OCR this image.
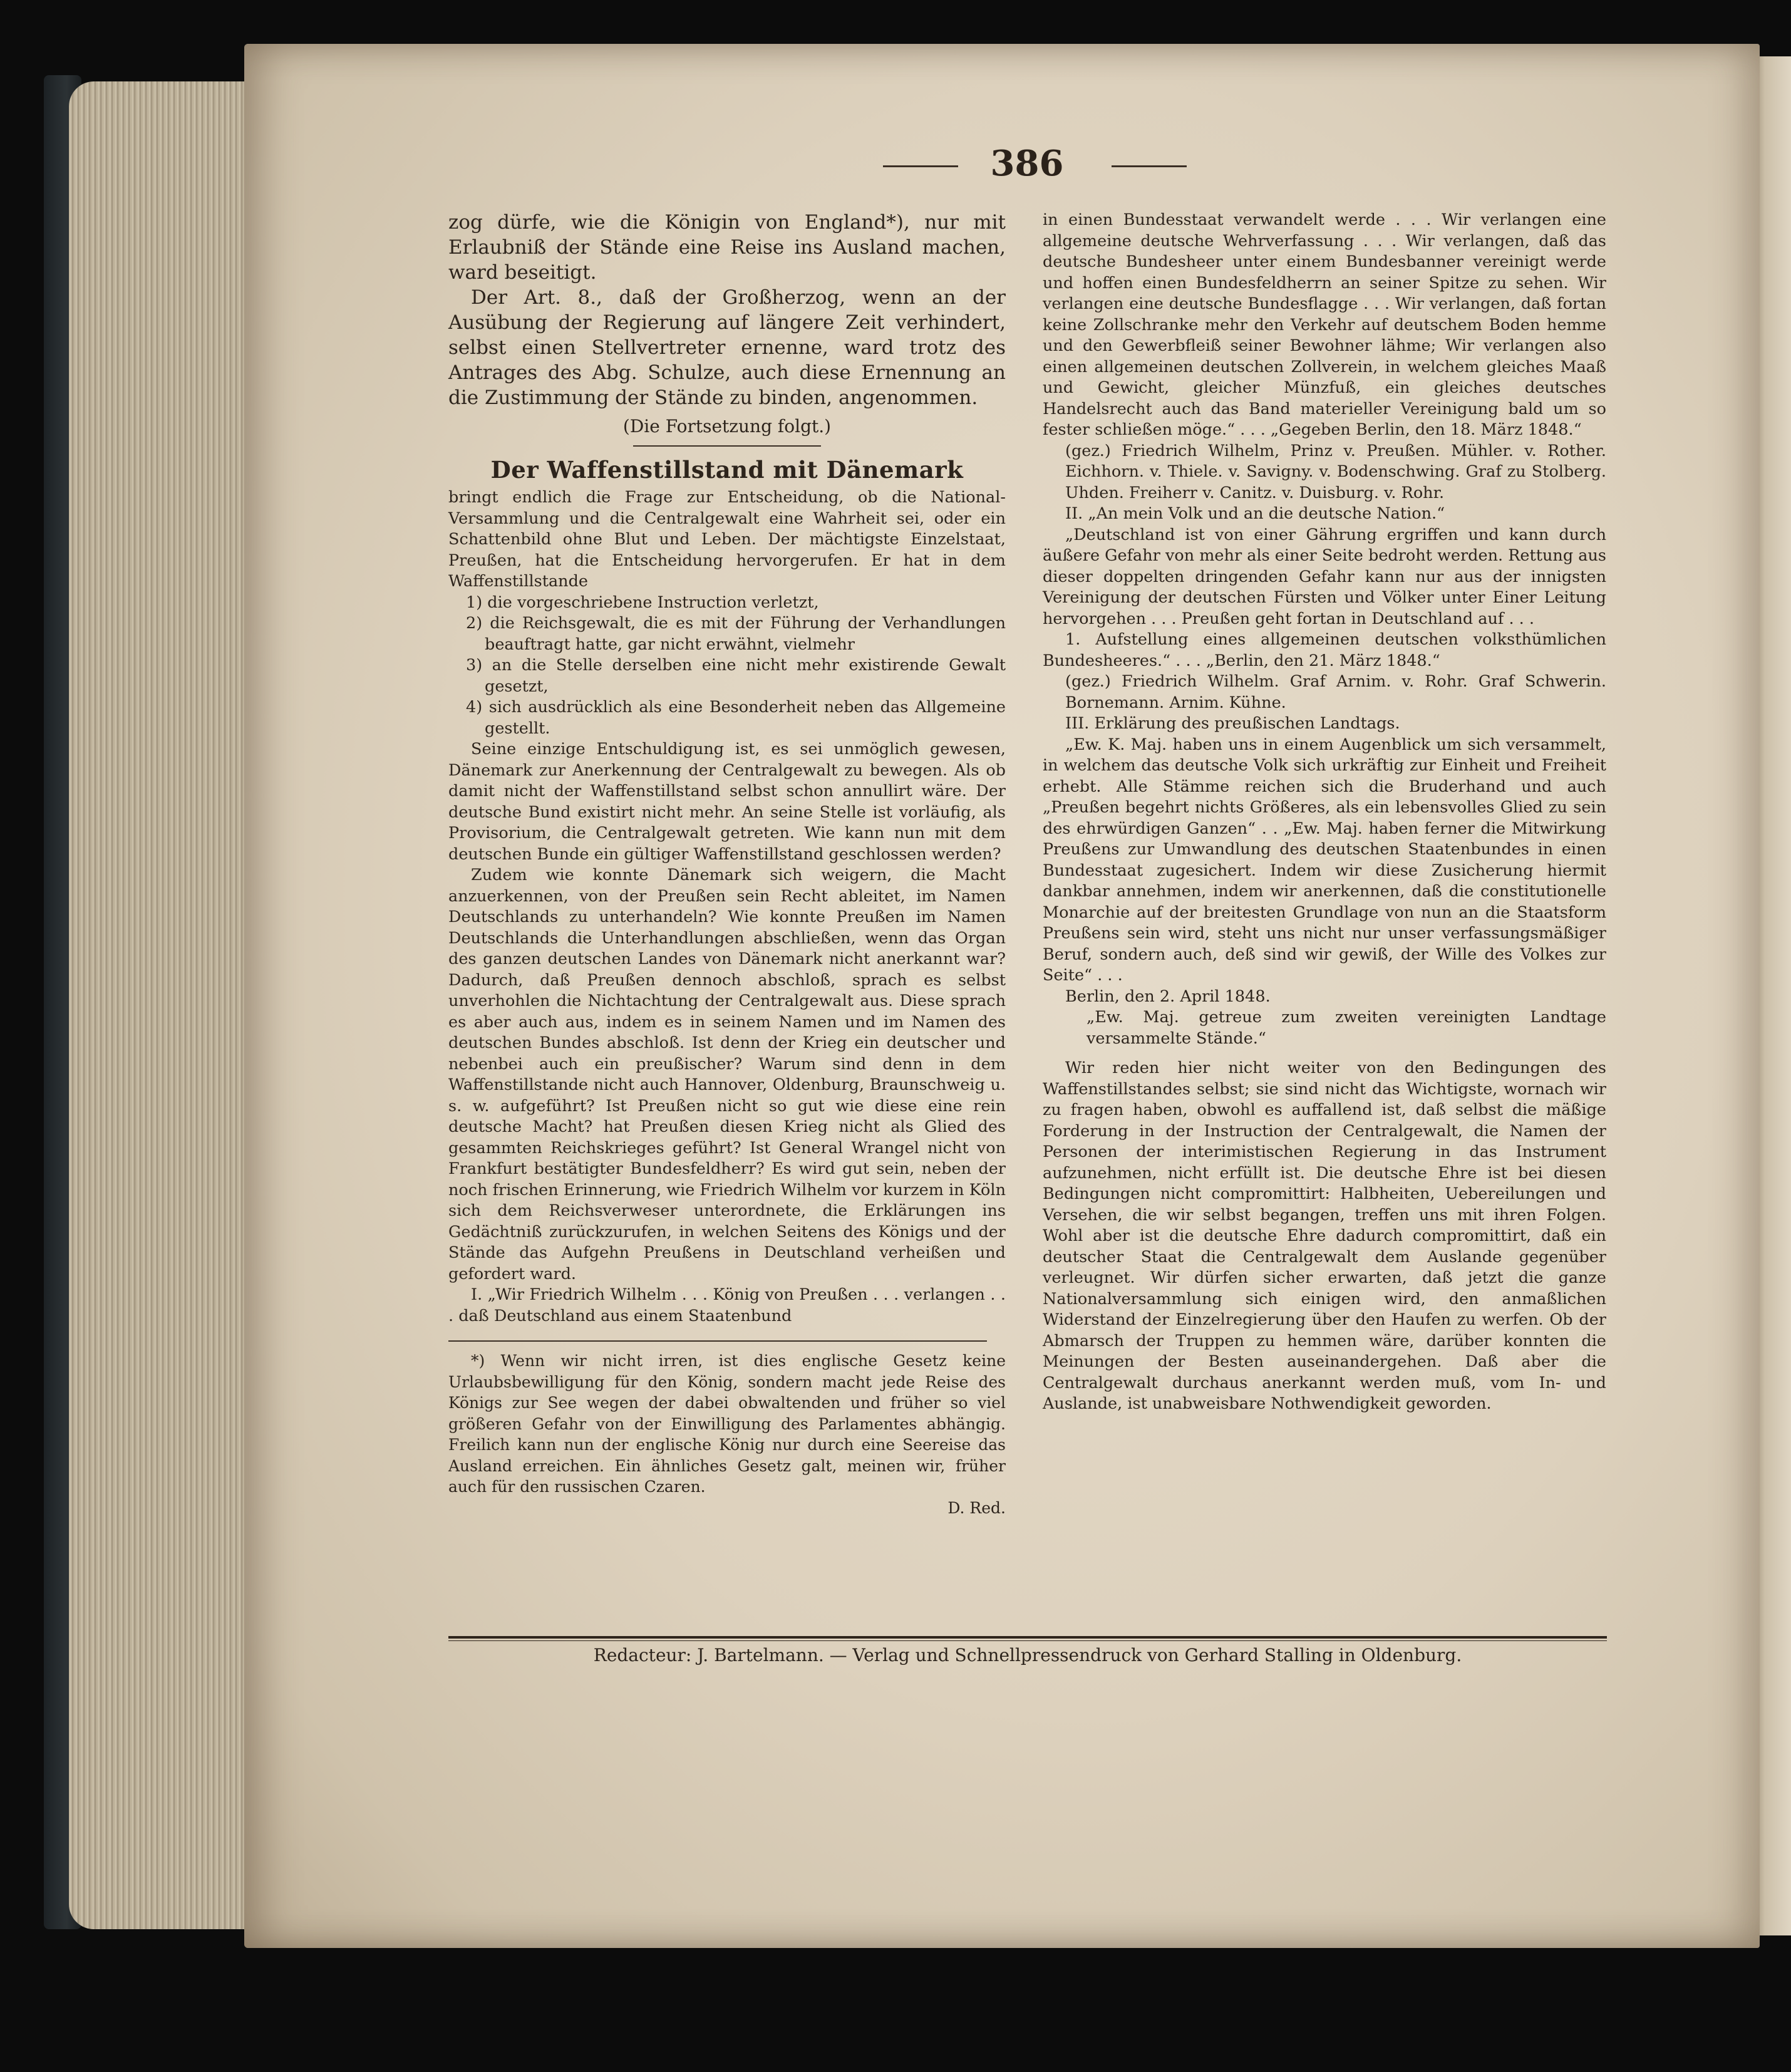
386

zog dürfe, wie die Königin von England*), nur mit Erlaubniß der Stände eine Reise ins Ausland machen, ward beseitigt.

Der Art. 8., daß der Großherzog, wenn an der Ausübung der Regierung auf längere Zeit verhindert, selbst einen Stellvertreter ernenne, ward trotz des Antrages des Abg. Schulze, auch diese Ernennung an die Zustimmung der Stände zu binden, angenommen.

(Die Fortsetzung folgt.)

Der Waffenstillstand mit Dänemark

bringt endlich die Frage zur Entscheidung, ob die National-Versammlung und die Centralgewalt eine Wahrheit sei, oder ein Schattenbild ohne Blut und Leben. Der mächtigste Einzelstaat, Preußen, hat die Entscheidung hervorgerufen. Er hat in dem Waffenstillstande

1) die vorgeschriebene Instruction verletzt,

2) die Reichsgewalt, die es mit der Führung der Verhandlungen beauftragt hatte, gar nicht erwähnt, vielmehr

3) an die Stelle derselben eine nicht mehr existirende Gewalt gesetzt,

4) sich ausdrücklich als eine Besonderheit neben das Allgemeine gestellt.

Seine einzige Entschuldigung ist, es sei unmöglich gewesen, Dänemark zur Anerkennung der Centralgewalt zu bewegen. Als ob damit nicht der Waffenstillstand selbst schon annullirt wäre. Der deutsche Bund existirt nicht mehr. An seine Stelle ist vorläufig, als Provisorium, die Centralgewalt getreten. Wie kann nun mit dem deutschen Bunde ein gültiger Waffenstillstand geschlossen werden?

Zudem wie konnte Dänemark sich weigern, die Macht anzuerkennen, von der Preußen sein Recht ableitet, im Namen Deutschlands zu unterhandeln? Wie konnte Preußen im Namen Deutschlands die Unterhandlungen abschließen, wenn das Organ des ganzen deutschen Landes von Dänemark nicht anerkannt war? Dadurch, daß Preußen dennoch abschloß, sprach es selbst unverhohlen die Nichtachtung der Centralgewalt aus. Diese sprach es aber auch aus, indem es in seinem Namen und im Namen des deutschen Bundes abschloß. Ist denn der Krieg ein deutscher und nebenbei auch ein preußischer? Warum sind denn in dem Waffenstillstande nicht auch Hannover, Oldenburg, Braunschweig u. s. w. aufgeführt? Ist Preußen nicht so gut wie diese eine rein deutsche Macht? hat Preußen diesen Krieg nicht als Glied des gesammten Reichskrieges geführt? Ist General Wrangel nicht von Frankfurt bestätigter Bundesfeldherr? Es wird gut sein, neben der noch frischen Erinnerung, wie Friedrich Wilhelm vor kurzem in Köln sich dem Reichsverweser unterordnete, die Erklärungen ins Gedächtniß zurückzurufen, in welchen Seitens des Königs und der Stände das Aufgehn Preußens in Deutschland verheißen und gefordert ward.

I. „Wir Friedrich Wilhelm . . . König von Preußen . . . verlangen . . . daß Deutschland aus einem Staatenbund

*) Wenn wir nicht irren, ist dies englische Gesetz keine Urlaubsbewilligung für den König, sondern macht jede Reise des Königs zur See wegen der dabei obwaltenden und früher so viel größeren Gefahr von der Einwilligung des Parlamentes abhängig. Freilich kann nun der englische König nur durch eine Seereise das Ausland erreichen. Ein ähnliches Gesetz galt, meinen wir, früher auch für den russischen Czaren.

D. Red.

in einen Bundesstaat verwandelt werde . . . Wir verlangen eine allgemeine deutsche Wehrverfassung . . . Wir verlangen, daß das deutsche Bundesheer unter einem Bundesbanner vereinigt werde und hoffen einen Bundesfeldherrn an seiner Spitze zu sehen. Wir verlangen eine deutsche Bundesflagge . . . Wir verlangen, daß fortan keine Zollschranke mehr den Verkehr auf deutschem Boden hemme und den Gewerbfleiß seiner Bewohner lähme; Wir verlangen also einen allgemeinen deutschen Zollverein, in welchem gleiches Maaß und Gewicht, gleicher Münzfuß, ein gleiches deutsches Handelsrecht auch das Band materieller Vereinigung bald um so fester schließen möge.“ . . . „Gegeben Berlin, den 18. März 1848.“

(gez.) Friedrich Wilhelm, Prinz v. Preußen. Mühler. v. Rother. Eichhorn. v. Thiele. v. Savigny. v. Bodenschwing. Graf zu Stolberg. Uhden. Freiherr v. Canitz. v. Duisburg. v. Rohr.

II. „An mein Volk und an die deutsche Nation.“

„Deutschland ist von einer Gährung ergriffen und kann durch äußere Gefahr von mehr als einer Seite bedroht werden. Rettung aus dieser doppelten dringenden Gefahr kann nur aus der innigsten Vereinigung der deutschen Fürsten und Völker unter Einer Leitung hervorgehen . . . Preußen geht fortan in Deutschland auf . . .

1. Aufstellung eines allgemeinen deutschen volksthümlichen Bundesheeres.“ . . . „Berlin, den 21. März 1848.“

(gez.) Friedrich Wilhelm. Graf Arnim. v. Rohr. Graf Schwerin. Bornemann. Arnim. Kühne.

III. Erklärung des preußischen Landtags.

„Ew. K. Maj. haben uns in einem Augenblick um sich versammelt, in welchem das deutsche Volk sich urkräftig zur Einheit und Freiheit erhebt. Alle Stämme reichen sich die Bruderhand und auch „Preußen begehrt nichts Größeres, als ein lebensvolles Glied zu sein des ehrwürdigen Ganzen“ . . „Ew. Maj. haben ferner die Mitwirkung Preußens zur Umwandlung des deutschen Staatenbundes in einen Bundesstaat zugesichert. Indem wir diese Zusicherung hiermit dankbar annehmen, indem wir anerkennen, daß die constitutionelle Monarchie auf der breitesten Grundlage von nun an die Staatsform Preußens sein wird, steht uns nicht nur unser verfassungsmäßiger Beruf, sondern auch, deß sind wir gewiß, der Wille des Volkes zur Seite“ . . .

Berlin, den 2. April 1848.

„Ew. Maj. getreue zum zweiten vereinigten Landtage versammelte Stände.“

Wir reden hier nicht weiter von den Bedingungen des Waffenstillstandes selbst; sie sind nicht das Wichtigste, wornach wir zu fragen haben, obwohl es auffallend ist, daß selbst die mäßige Forderung in der Instruction der Centralgewalt, die Namen der Personen der interimistischen Regierung in das Instrument aufzunehmen, nicht erfüllt ist. Die deutsche Ehre ist bei diesen Bedingungen nicht compromittirt: Halbheiten, Uebereilungen und Versehen, die wir selbst begangen, treffen uns mit ihren Folgen. Wohl aber ist die deutsche Ehre dadurch compromittirt, daß ein deutscher Staat die Centralgewalt dem Auslande gegenüber verleugnet. Wir dürfen sicher erwarten, daß jetzt die ganze Nationalversammlung sich einigen wird, den anmaßlichen Widerstand der Einzelregierung über den Haufen zu werfen. Ob der Abmarsch der Truppen zu hemmen wäre, darüber konnten die Meinungen der Besten auseinandergehen. Daß aber die Centralgewalt durchaus anerkannt werden muß, vom In- und Auslande, ist unabweisbare Nothwendigkeit geworden.

Redacteur: J. Bartelmann. — Verlag und Schnellpressendruck von Gerhard Stalling in Oldenburg.
